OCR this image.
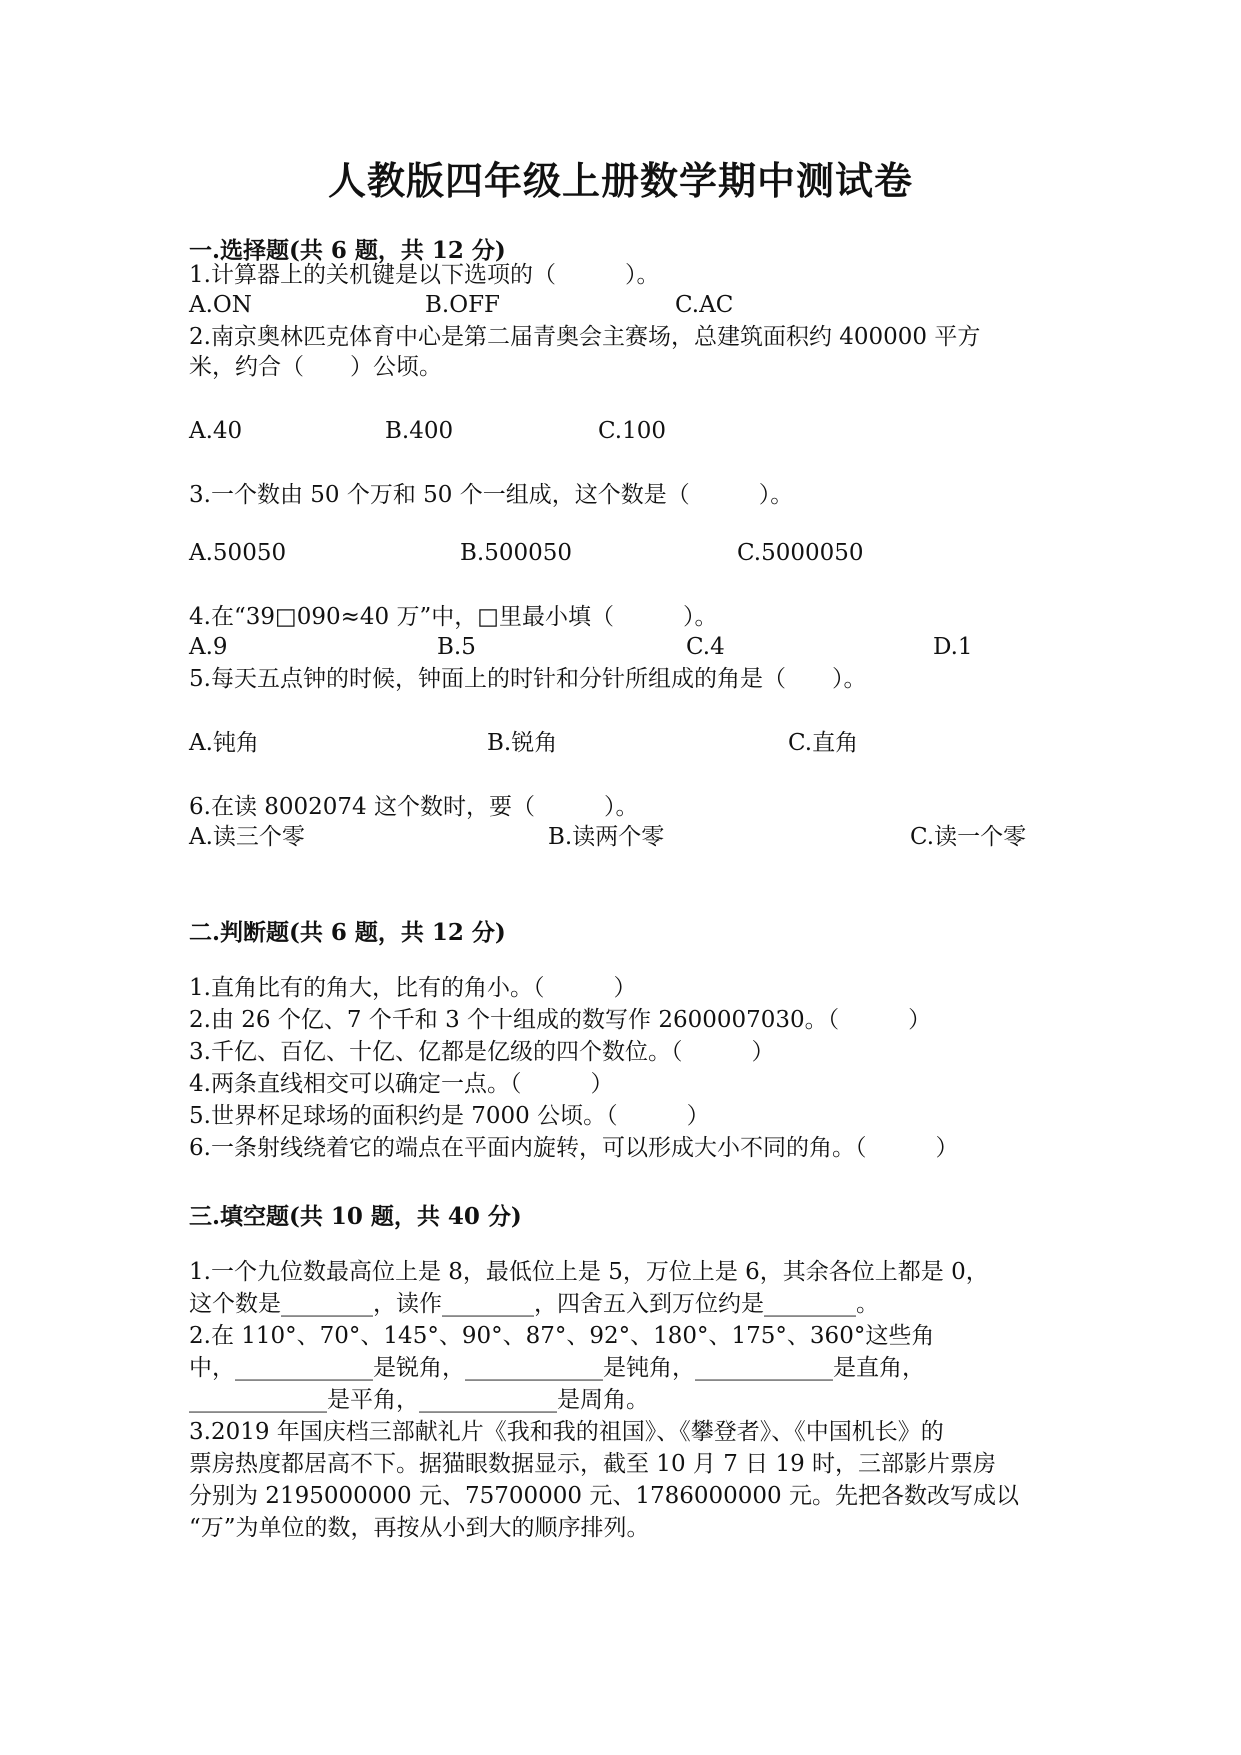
人教版四年级上册数学期中测试卷
一.选择题(共 6 题，共 12 分)
1.计算器上的关机键是以下选项的（　　　）。
A.ON	B.OFF	C.AC
2.南京奥林匹克体育中心是第二届青奥会主赛场，总建筑面积约 400000 平方
米，约合（　　）公顷。
A.40	B.400	C.100
3.一个数由 50 个万和 50 个一组成，这个数是（　　　）。
A.50050	B.500050	C.5000050
4.在“39□090≈40 万”中，□里最小填（　　　）。
A.9	B.5	C.4	D.1
5.每天五点钟的时候，钟面上的时针和分针所组成的角是（　　）。
A.钝角	B.锐角	C.直角
6.在读 8002074 这个数时，要（　　　）。
A.读三个零	B.读两个零	C.读一个零
二.判断题(共 6 题，共 12 分)
1.直角比有的角大，比有的角小。（　　　）
2.由 26 个亿、7 个千和 3 个十组成的数写作 2600007030。（　　　）
3.千亿、百亿、十亿、亿都是亿级的四个数位。（　　　）
4.两条直线相交可以确定一点。（　　　）
5.世界杯足球场的面积约是 7000 公顷。（　　　）
6.一条射线绕着它的端点在平面内旋转，可以形成大小不同的角。（　　　）
三.填空题(共 10 题，共 40 分)
1.一个九位数最高位上是 8，最低位上是 5，万位上是 6，其余各位上都是 0，
这个数是________，读作________，四舍五入到万位约是________。
2.在 110°、70°、145°、90°、87°、92°、180°、175°、360°这些角
中，____________是锐角，____________是钝角，____________是直角，
____________是平角，____________是周角。
3.2019 年国庆档三部献礼片《我和我的祖国》、《攀登者》、《中国机长》的
票房热度都居高不下。据猫眼数据显示，截至 10 月 7 日 19 时，三部影片票房
分别为 2195000000 元、75700000 元、1786000000 元。先把各数改写成以
“万”为单位的数，再按从小到大的顺序排列。
